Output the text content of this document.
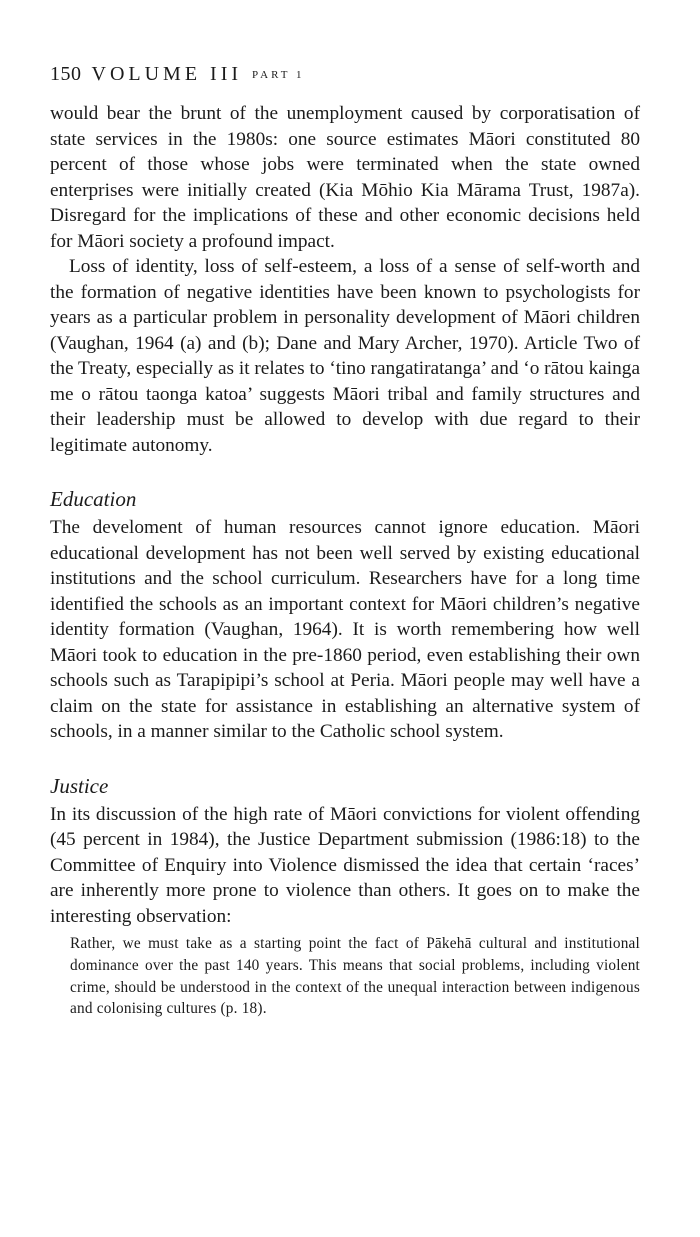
150 VOLUME III PART 1

would bear the brunt of the unemployment caused by corporatisation of state services in the 1980s: one source estimates Māori constituted 80 percent of those whose jobs were terminated when the state owned enterprises were initially created (Kia Mōhio Kia Mārama Trust, 1987a). Disregard for the implications of these and other economic decisions held for Māori society a profound impact.

Loss of identity, loss of self-esteem, a loss of a sense of self-worth and the formation of negative identities have been known to psychologists for years as a particular problem in personality development of Māori children (Vaughan, 1964 (a) and (b); Dane and Mary Archer, 1970). Article Two of the Treaty, especially as it relates to ‘tino rangatiratanga’ and ‘o rātou kainga me o rātou taonga katoa’ suggests Māori tribal and family structures and their leadership must be allowed to develop with due regard to their legitimate autonomy.

Education

The develoment of human resources cannot ignore education. Māori educational development has not been well served by existing educational institutions and the school curriculum. Researchers have for a long time identified the schools as an important context for Māori children’s negative identity formation (Vaughan, 1964). It is worth remembering how well Māori took to education in the pre-1860 period, even establishing their own schools such as Tarapipipi’s school at Peria. Māori people may well have a claim on the state for assistance in establishing an alternative system of schools, in a manner similar to the Catholic school system.

Justice

In its discussion of the high rate of Māori convictions for violent offending (45 percent in 1984), the Justice Department submission (1986:18) to the Committee of Enquiry into Violence dismissed the idea that certain ‘races’ are inherently more prone to violence than others. It goes on to make the interesting observation:

Rather, we must take as a starting point the fact of Pākehā cultural and institutional dominance over the past 140 years. This means that social problems, including violent crime, should be understood in the context of the unequal interaction between indigenous and colonising cultures (p. 18).
